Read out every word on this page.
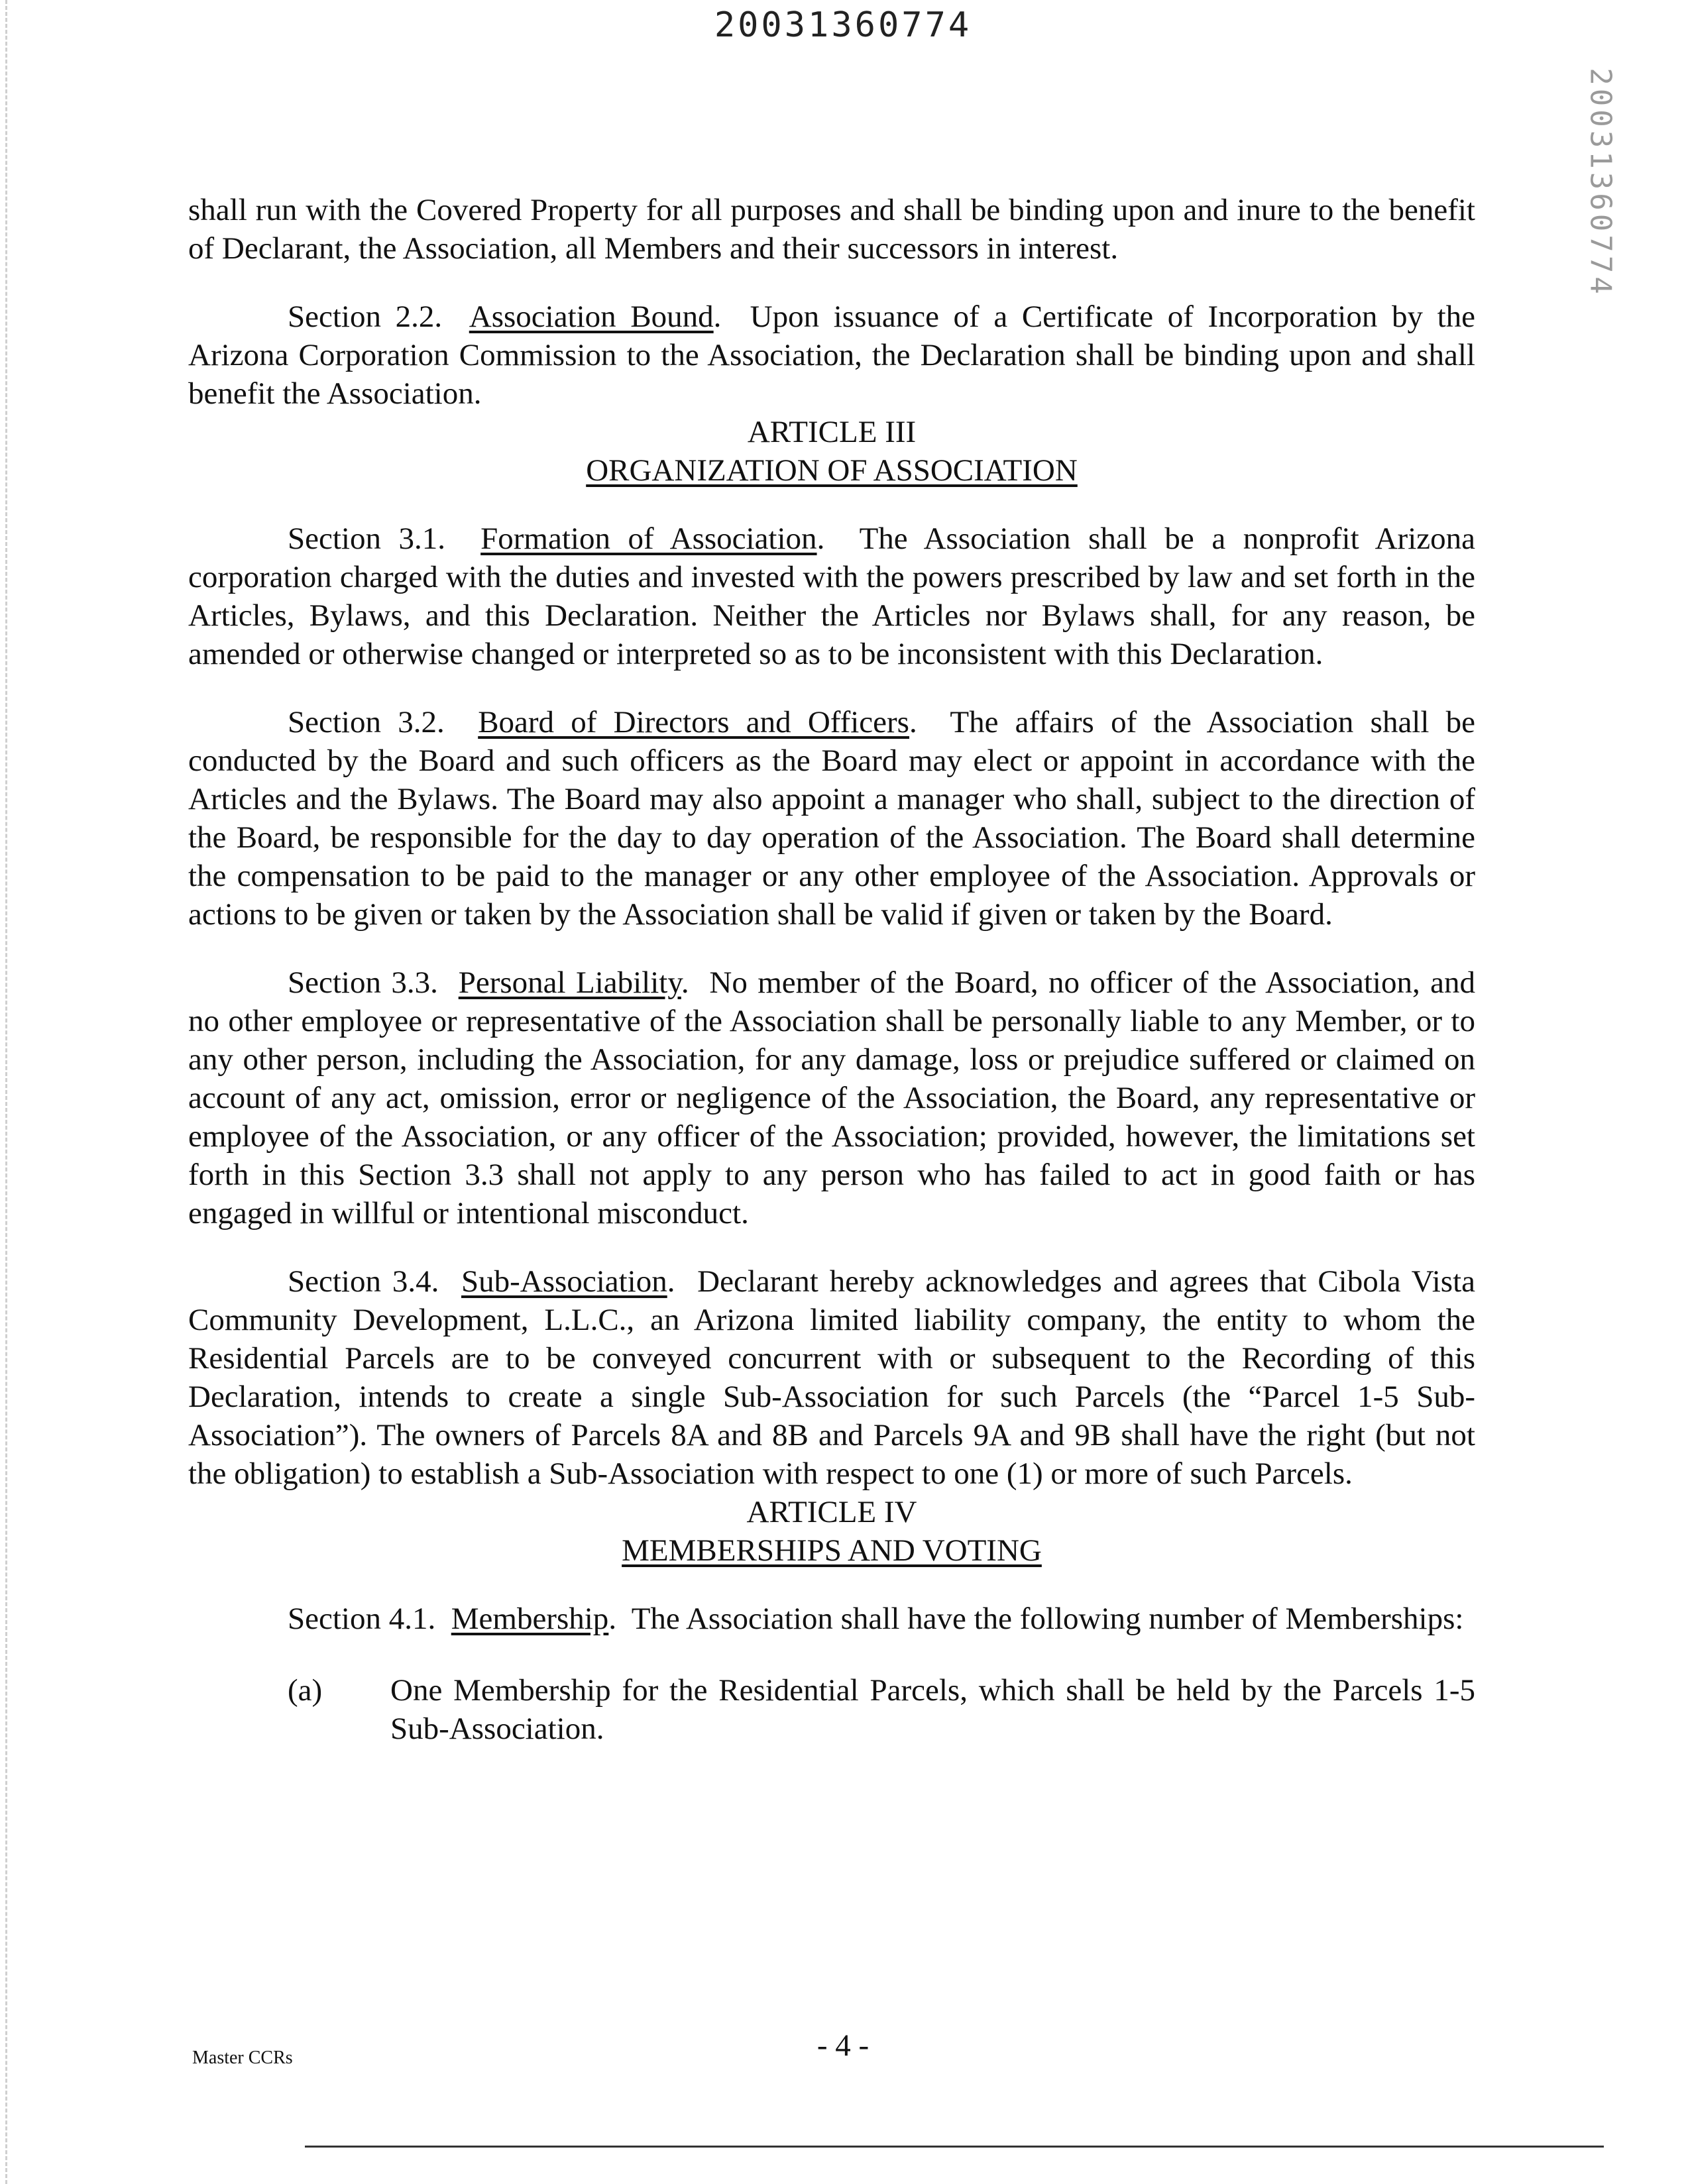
20031360774
20031360774

shall run with the Covered Property for all purposes and shall be binding upon and inure to the benefit of Declarant, the Association, all Members and their successors in interest.

Section 2.2. Association Bound.  Upon issuance of a Certificate of Incorporation by the Arizona Corporation Commission to the Association, the Declaration shall be binding upon and shall benefit the Association.

ARTICLE III

ORGANIZATION OF ASSOCIATION

Section 3.1. Formation of Association.  The Association shall be a nonprofit Arizona corporation charged with the duties and invested with the powers prescribed by law and set forth in the Articles, Bylaws, and this Declaration. Neither the Articles nor Bylaws shall, for any reason, be amended or otherwise changed or interpreted so as to be inconsistent with this Declaration.

Section 3.2. Board of Directors and Officers.  The affairs of the Association shall be conducted by the Board and such officers as the Board may elect or appoint in accordance with the Articles and the Bylaws. The Board may also appoint a manager who shall, subject to the direction of the Board, be responsible for the day to day operation of the Association. The Board shall determine the compensation to be paid to the manager or any other employee of the Association. Approvals or actions to be given or taken by the Association shall be valid if given or taken by the Board.

Section 3.3. Personal Liability.  No member of the Board, no officer of the Association, and no other employee or representative of the Association shall be personally liable to any Member, or to any other person, including the Association, for any damage, loss or prejudice suffered or claimed on account of any act, omission, error or negligence of the Association, the Board, any representative or employee of the Association, or any officer of the Association; provided, however, the limitations set forth in this Section 3.3 shall not apply to any person who has failed to act in good faith or has engaged in willful or intentional misconduct.

Section 3.4. Sub-Association.  Declarant hereby acknowledges and agrees that Cibola Vista Community Development, L.L.C., an Arizona limited liability company, the entity to whom the Residential Parcels are to be conveyed concurrent with or subsequent to the Recording of this Declaration, intends to create a single Sub-Association for such Parcels (the “Parcel 1-5 Sub-Association”). The owners of Parcels 8A and 8B and Parcels 9A and 9B shall have the right (but not the obligation) to establish a Sub-Association with respect to one (1) or more of such Parcels.

ARTICLE IV

MEMBERSHIPS AND VOTING

Section 4.1. Membership.  The Association shall have the following number of Memberships:

(a)	One Membership for the Residential Parcels, which shall be held by the Parcels 1-5 Sub-Association.
Master CCRs	- 4 -
